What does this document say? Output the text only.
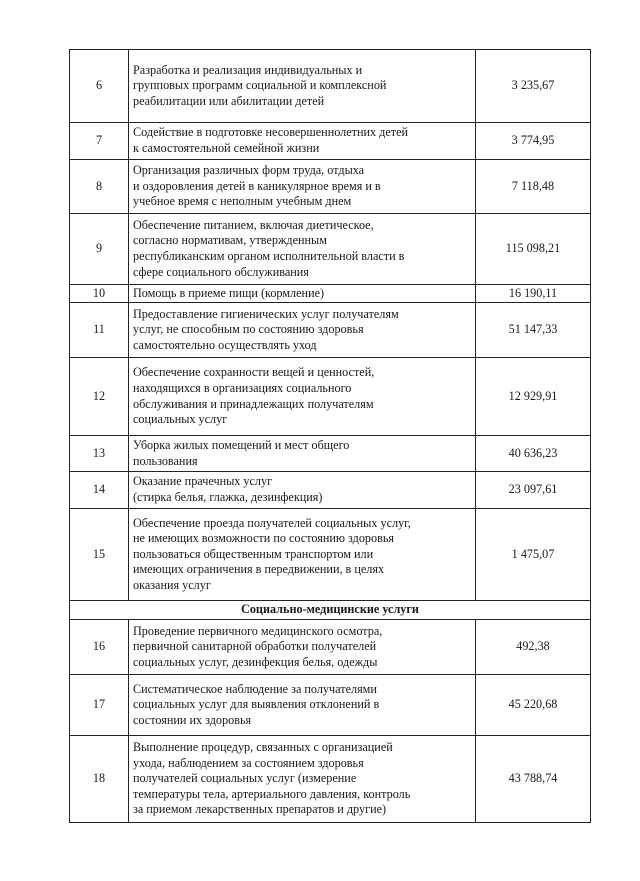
6	Разработка и реализация индивидуальных и
групповых программ социальной и комплексной
реабилитации или абилитации детей	3 235,67
7	Содействие в подготовке несовершеннолетних детей
к самостоятельной семейной жизни	3 774,95
8	Организация различных форм труда, отдыха
и оздоровления детей в каникулярное время и в
учебное время с неполным учебным днем	7 118,48
9	Обеспечение питанием, включая диетическое,
согласно нормативам, утвержденным
республиканским органом исполнительной власти в
сфере социального обслуживания	115 098,21
10	Помощь в приеме пищи (кормление)	16 190,11
11	Предоставление гигиенических услуг получателям
услуг, не способным по состоянию здоровья
самостоятельно осуществлять уход	51 147,33
12	Обеспечение сохранности вещей и ценностей,
находящихся в организациях социального
обслуживания и принадлежащих получателям
социальных услуг	12 929,91
13	Уборка жилых помещений и мест общего
пользования	40 636,23
14	Оказание прачечных услуг
(стирка белья, глажка, дезинфекция)	23 097,61
15	Обеспечение проезда получателей социальных услуг,
не имеющих возможности по состоянию здоровья
пользоваться общественным транспортом или
имеющих ограничения в передвижении, в целях
оказания услуг	1 475,07
Социально-медицинские услуги		
16	Проведение первичного медицинского осмотра,
первичной санитарной обработки получателей
социальных услуг, дезинфекция белья, одежды	492,38
17	Систематическое наблюдение за получателями
социальных услуг для выявления отклонений в
состоянии их здоровья	45 220,68
18	Выполнение процедур, связанных с организацией
ухода, наблюдением за состоянием здоровья
получателей социальных услуг (измерение
температуры тела, артериального давления, контроль
за приемом лекарственных препаратов и другие)	43 788,74
